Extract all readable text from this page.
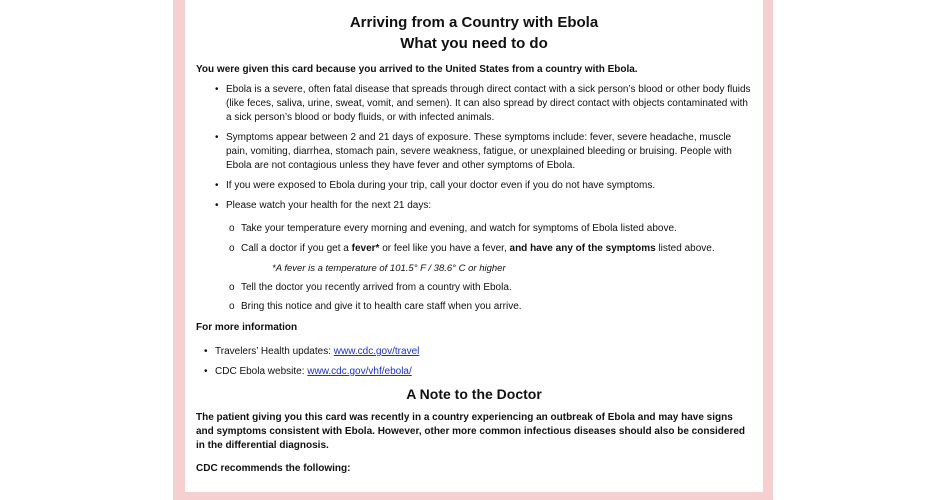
Arriving from a Country with Ebola
What you need to do
You were given this card because you arrived to the United States from a country with Ebola.
• Ebola is a severe, often fatal disease that spreads through direct contact with a sick person’s blood or other body fluids (like feces, saliva, urine, sweat, vomit, and semen). It can also spread by direct contact with objects contaminated with a sick person’s blood or body fluids, or with infected animals.
• Symptoms appear between 2 and 21 days of exposure. These symptoms include: fever, severe headache, muscle pain, vomiting, diarrhea, stomach pain, severe weakness, fatigue, or unexplained bleeding or bruising. People with Ebola are not contagious unless they have fever and other symptoms of Ebola.
• If you were exposed to Ebola during your trip, call your doctor even if you do not have symptoms.
• Please watch your health for the next 21 days:
o Take your temperature every morning and evening, and watch for symptoms of Ebola listed above.
o Call a doctor if you get a fever* or feel like you have a fever, and have any of the symptoms listed above.
*A fever is a temperature of 101.5° F / 38.6° C or higher
o Tell the doctor you recently arrived from a country with Ebola.
o Bring this notice and give it to health care staff when you arrive.
For more information
• Travelers’ Health updates: www.cdc.gov/travel
• CDC Ebola website: www.cdc.gov/vhf/ebola/
A Note to the Doctor
The patient giving you this card was recently in a country experiencing an outbreak of Ebola and may have signs and symptoms consistent with Ebola. However, other more common infectious diseases should also be considered in the differential diagnosis.
CDC recommends the following:
